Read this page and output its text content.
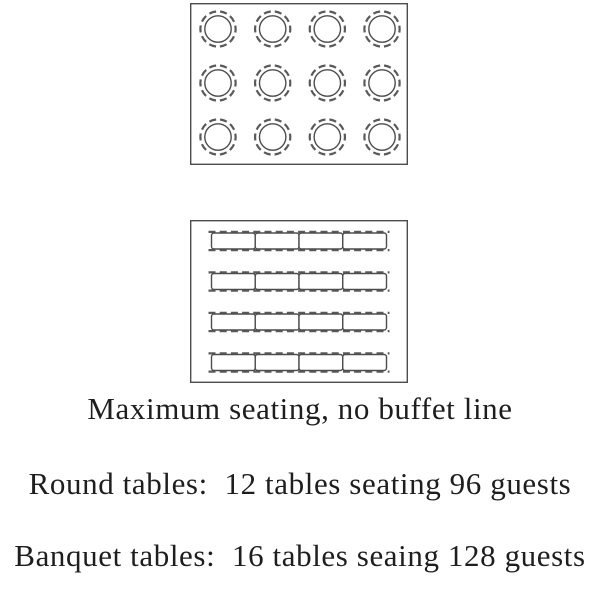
Maximum seating, no buffet line
Round tables:  12 tables seating 96 guests
Banquet tables:  16 tables seaing 128 guests
